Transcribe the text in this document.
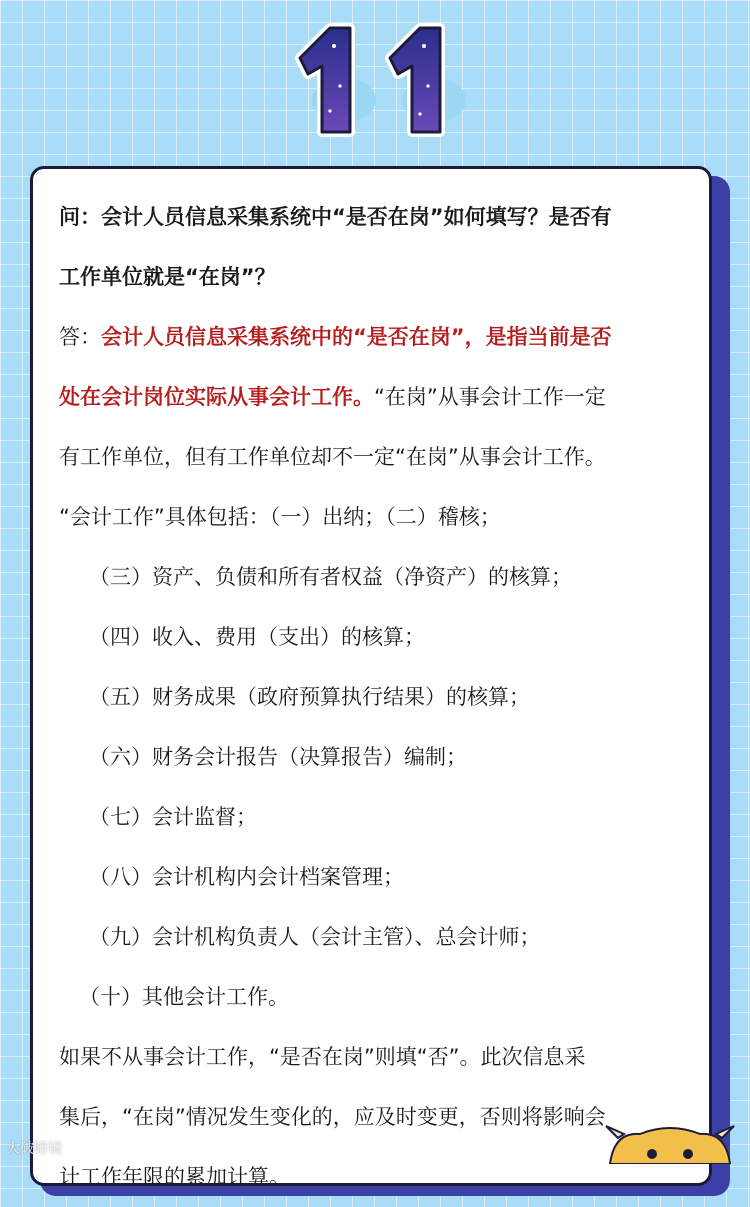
11
问：会计人员信息采集系统中“是否在岗”如何填写？是否有
工作单位就是“在岗”？
答：会计人员信息采集系统中的“是否在岗”，是指当前是否
处在会计岗位实际从事会计工作。“在岗”从事会计工作一定
有工作单位，但有工作单位却不一定“在岗”从事会计工作。
“会计工作”具体包括：（一）出纳；（二）稽核；
（三）资产、负债和所有者权益（净资产）的核算；
（四）收入、费用（支出）的核算；
（五）财务成果（政府预算执行结果）的核算；
（六）财务会计报告（决算报告）编制；
（七）会计监督；
（八）会计机构内会计档案管理；
（九）会计机构负责人（会计主管）、总会计师；
（十）其他会计工作。
如果不从事会计工作，“是否在岗”则填“否”。此次信息采
集后，“在岗”情况发生变化的，应及时变更，否则将影响会
计工作年限的累加计算。
大破瞎镜
